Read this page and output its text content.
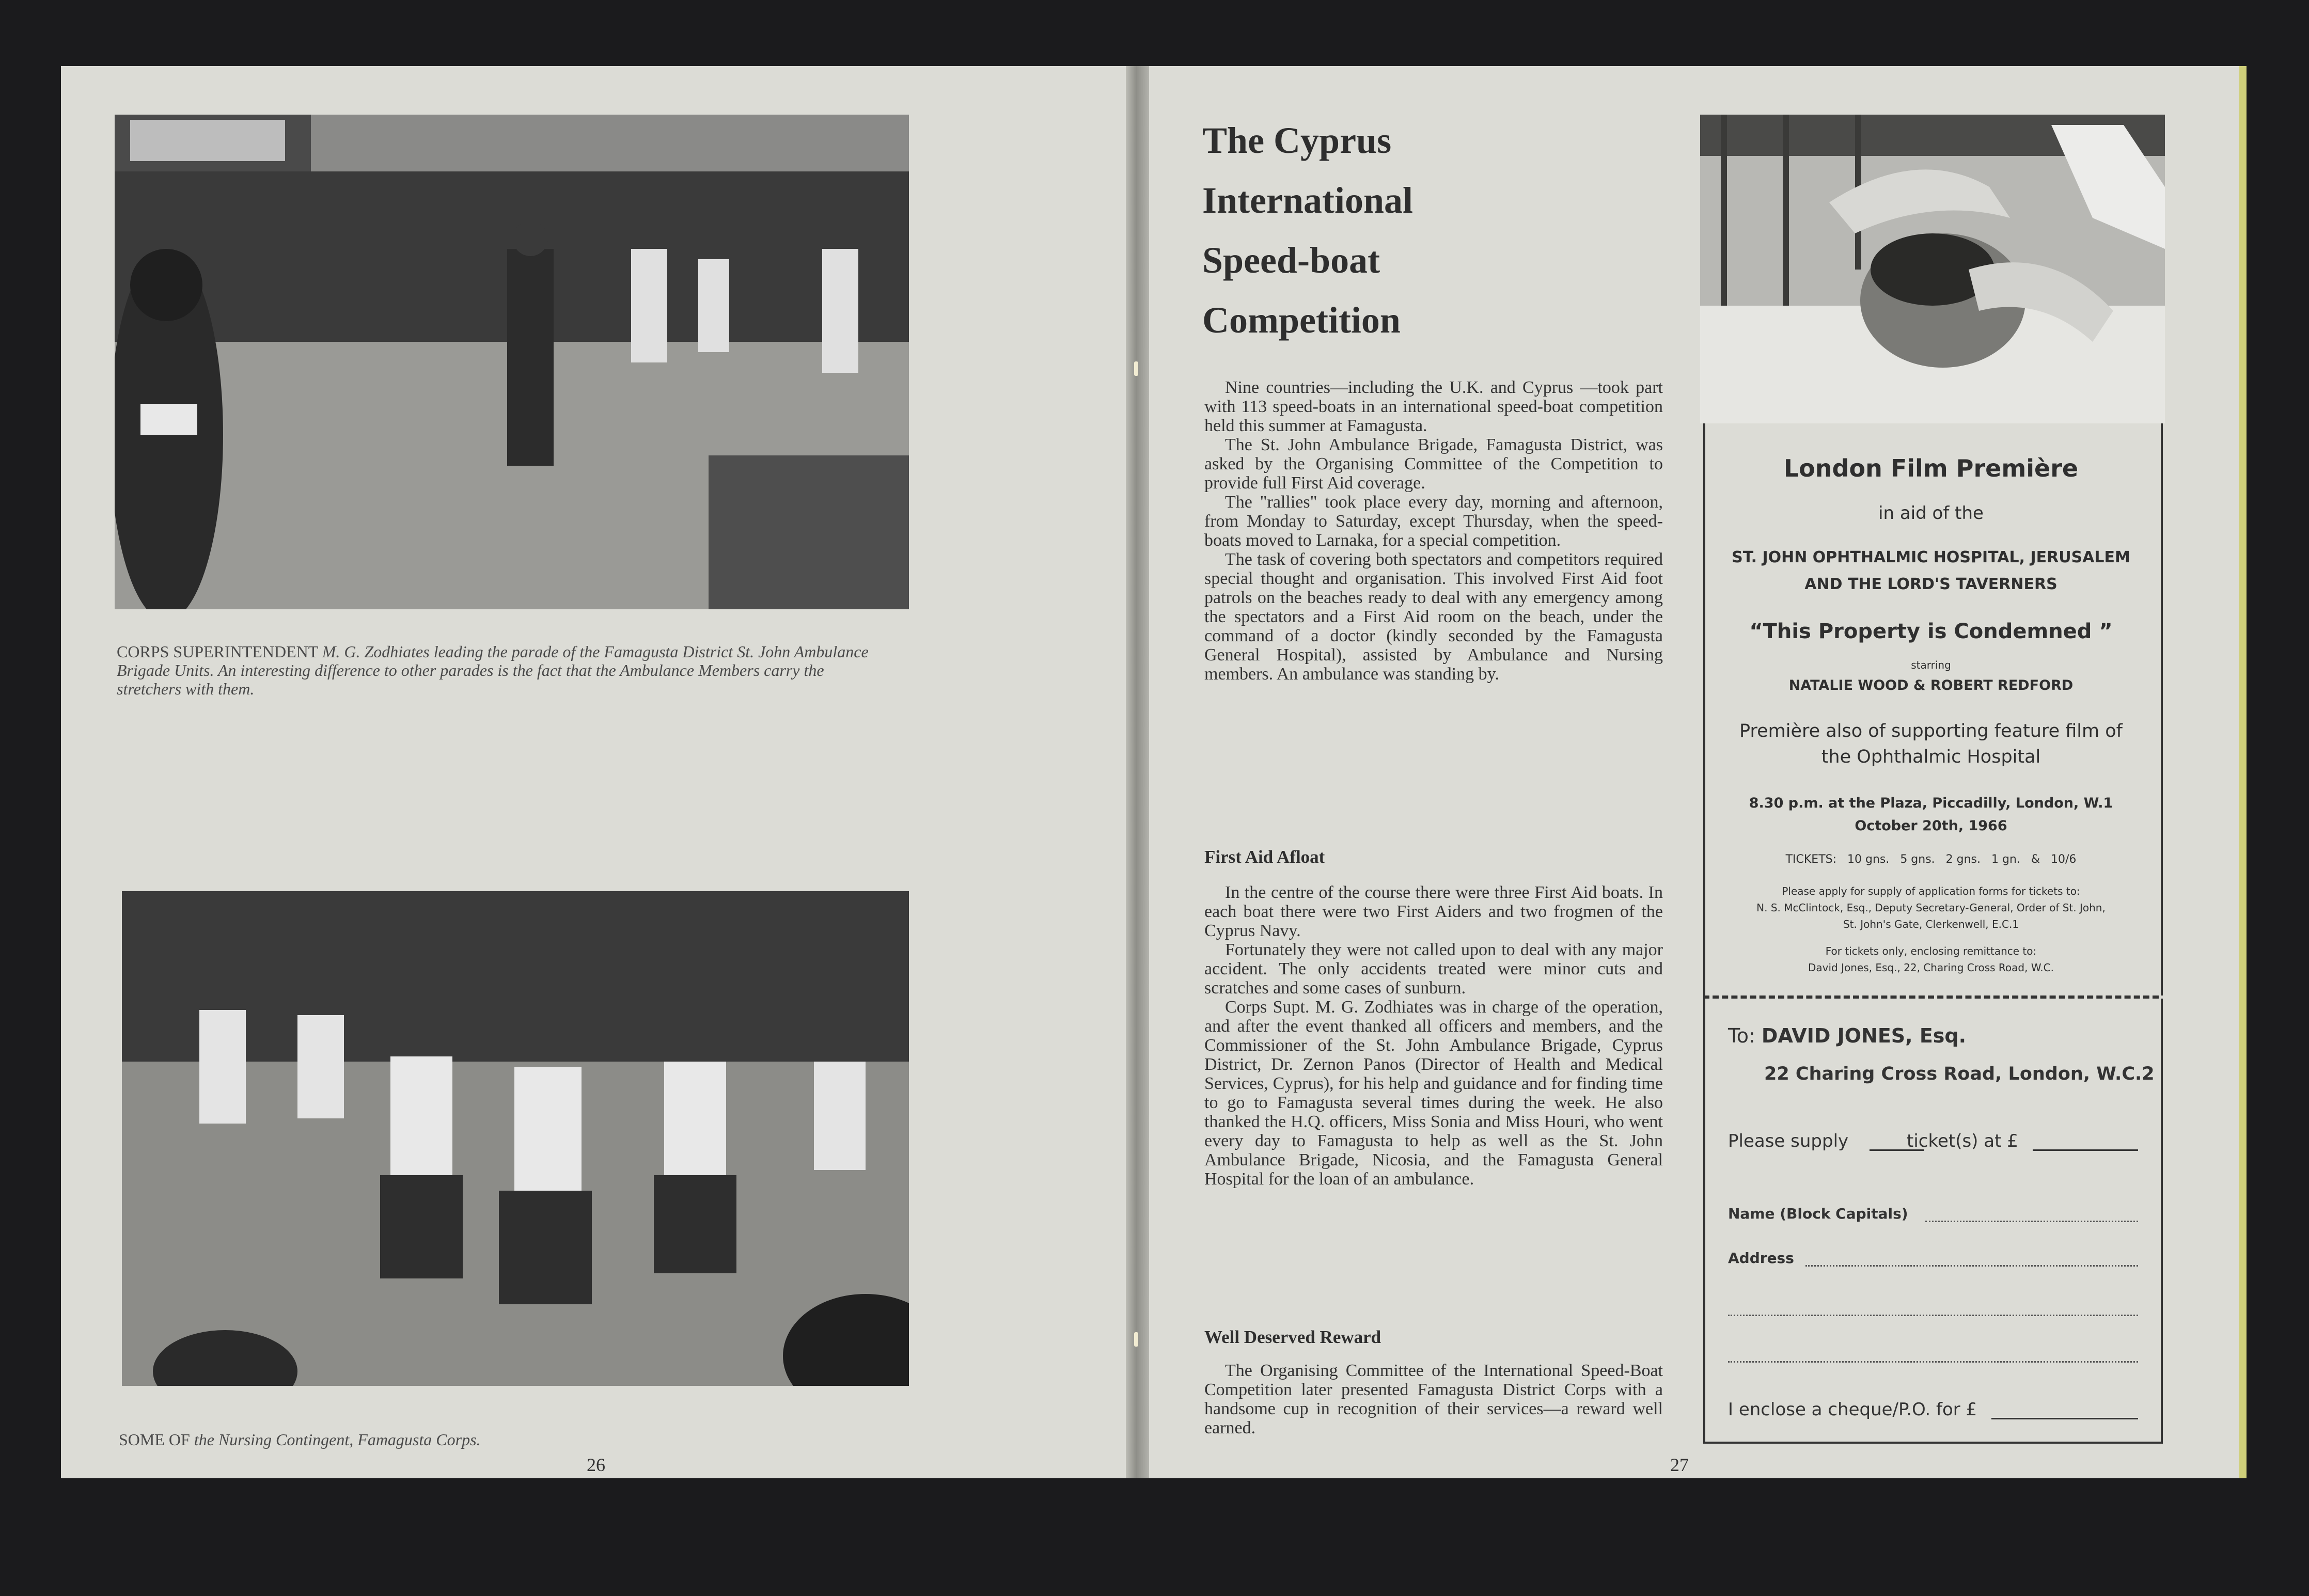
CORPS SUPERINTENDENT M. G. Zodhiates leading the parade of the Famagusta District St. John Ambulance Brigade Units. An interesting difference to other parades is the fact that the Ambulance Members carry the stretchers with them.
SOME OF the Nursing Contingent, Famagusta Corps.
26
The Cyprus
International
Speed-boat
Competition

Nine countries—including the U.K. and Cyprus —took part with 113 speed-boats in an international speed-boat competition held this summer at Famagusta.

The St. John Ambulance Brigade, Famagusta District, was asked by the Organising Committee of the Competition to provide full First Aid coverage.

The "rallies" took place every day, morning and afternoon, from Monday to Saturday, except Thursday, when the speed-boats moved to Larnaka, for a special competition.

The task of covering both spectators and competitors required special thought and organisation. This involved First Aid foot patrols on the beaches ready to deal with any emergency among the spectators and a First Aid room on the beach, under the command of a doctor (kindly seconded by the Famagusta General Hospital), assisted by Ambulance and Nursing members. An ambulance was standing by.

First Aid Afloat

In the centre of the course there were three First Aid boats. In each boat there were two First Aiders and two frogmen of the Cyprus Navy.

Fortunately they were not called upon to deal with any major accident. The only accidents treated were minor cuts and scratches and some cases of sunburn.

Corps Supt. M. G. Zodhiates was in charge of the operation, and after the event thanked all officers and members, and the Commissioner of the St. John Ambulance Brigade, Cyprus District, Dr. Zernon Panos (Director of Health and Medical Services, Cyprus), for his help and guidance and for finding time to go to Famagusta several times during the week. He also thanked the H.Q. officers, Miss Sonia and Miss Houri, who went every day to Famagusta to help as well as the St. John Ambulance Brigade, Nicosia, and the Famagusta General Hospital for the loan of an ambulance.

Well Deserved Reward

The Organising Committee of the International Speed-Boat Competition later presented Famagusta District Corps with a handsome cup in recognition of their services—a reward well earned.

27
London Film Première
in aid of the
ST. JOHN OPHTHALMIC HOSPITAL, JERUSALEM
AND THE LORD'S TAVERNERS
“This Property is Condemned ”
starring
NATALIE WOOD & ROBERT REDFORD
Première also of supporting feature film of
the Ophthalmic Hospital
8.30 p.m. at the Plaza, Piccadilly, London, W.1
October 20th, 1966
TICKETS:   10 gns.   5 gns.   2 gns.   1 gn.   &   10/6
Please apply for supply of application forms for tickets to:
N. S. McClintock, Esq., Deputy Secretary-General, Order of St. John,
St. John's Gate, Clerkenwell, E.C.1
For tickets only, enclosing remittance to:
David Jones, Esq., 22, Charing Cross Road, W.C.
To: DAVID JONES, Esq.
22 Charing Cross Road, London, W.C.2
Please supply	ticket(s) at £
Name (Block Capitals)
Address
I enclose a cheque/P.O. for £
